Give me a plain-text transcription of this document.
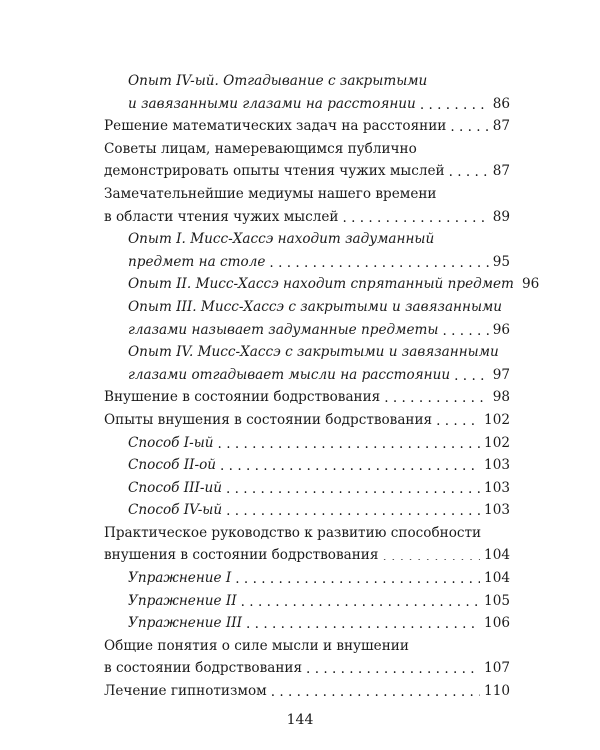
Опыт IV-ый. Отгадывание с закрытыми
и завязанными глазами на расстоянии . . .	86
Решение математических задач на расстоянии . . .	87
Советы лицам, намеревающимся публично
демонстрировать опыты чтения чужих мыслей . . .	87
Замечательнейшие медиумы нашего времени
в области чтения чужих мыслей . . .	89
Опыт I. Мисс-Хассэ находит задуманный
предмет на столе . . .	95
Опыт II. Мисс-Хассэ находит спрятанный предмет 96
Опыт III. Мисс-Хассэ с закрытыми и завязанными
глазами называет задуманные предметы . . .	96
Опыт IV. Мисс-Хассэ с закрытыми и завязанными
глазами отгадывает мысли на расстоянии . . .	97
Внушение в состоянии бодрствования . . .	98
Опыты внушения в состоянии бодрствования . . .	102
Способ I-ый . . .	102
Способ II-ой . . .	103
Способ III-ий . . .	103
Способ IV-ый . . .	103
Практическое руководство к развитию способности
внушения в состоянии бодрствования . . .	104
Упражнение I . . .	104
Упражнение II . . .	105
Упражнение III . . .	106
Общие понятия о силе мысли и внушении
в состоянии бодрствования . . .	107
Лечение гипнотизмом . . .	110
144
